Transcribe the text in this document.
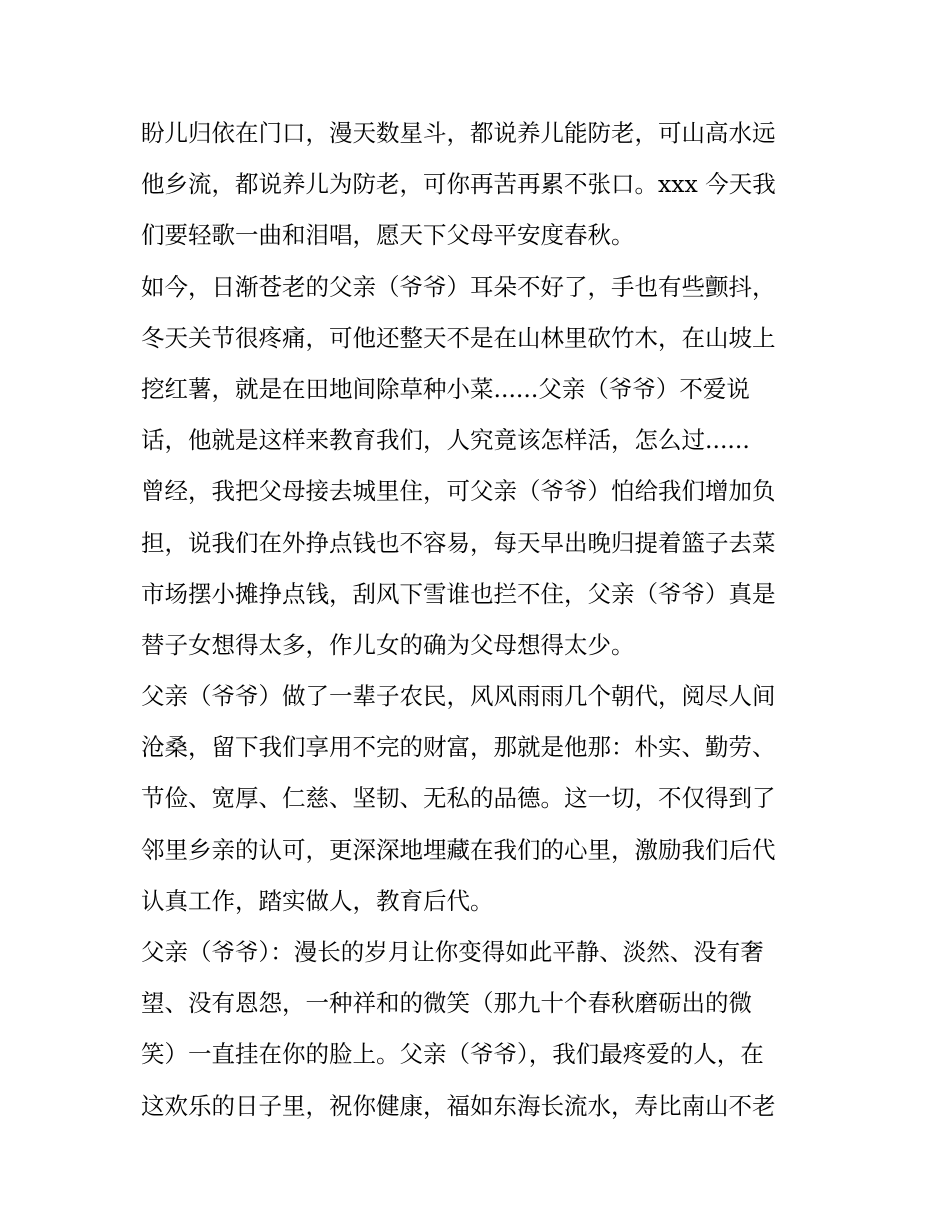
盼儿归依在门口，漫天数星斗，都说养儿能防老，可山高水远
他乡流，都说养儿为防老，可你再苦再累不张口。xxx 今天我
们要轻歌一曲和泪唱，愿天下父母平安度春秋。
如今，日渐苍老的父亲（爷爷）耳朵不好了，手也有些颤抖，
冬天关节很疼痛，可他还整天不是在山林里砍竹木，在山坡上
挖红薯，就是在田地间除草种小菜......父亲（爷爷）不爱说
话，他就是这样来教育我们，人究竟该怎样活，怎么过......
曾经，我把父母接去城里住，可父亲（爷爷）怕给我们增加负
担，说我们在外挣点钱也不容易，每天早出晚归提着篮子去菜
市场摆小摊挣点钱，刮风下雪谁也拦不住，父亲（爷爷）真是
替子女想得太多，作儿女的确为父母想得太少。
父亲（爷爷）做了一辈子农民，风风雨雨几个朝代，阅尽人间
沧桑，留下我们享用不完的财富，那就是他那：朴实、勤劳、
节俭、宽厚、仁慈、坚韧、无私的品德。这一切，不仅得到了
邻里乡亲的认可，更深深地埋藏在我们的心里，激励我们后代
认真工作，踏实做人，教育后代。
父亲（爷爷）：漫长的岁月让你变得如此平静、淡然、没有奢
望、没有恩怨，一种祥和的微笑（那九十个春秋磨砺出的微
笑）一直挂在你的脸上。父亲（爷爷），我们最疼爱的人，在
这欢乐的日子里，祝你健康，福如东海长流水，寿比南山不老
